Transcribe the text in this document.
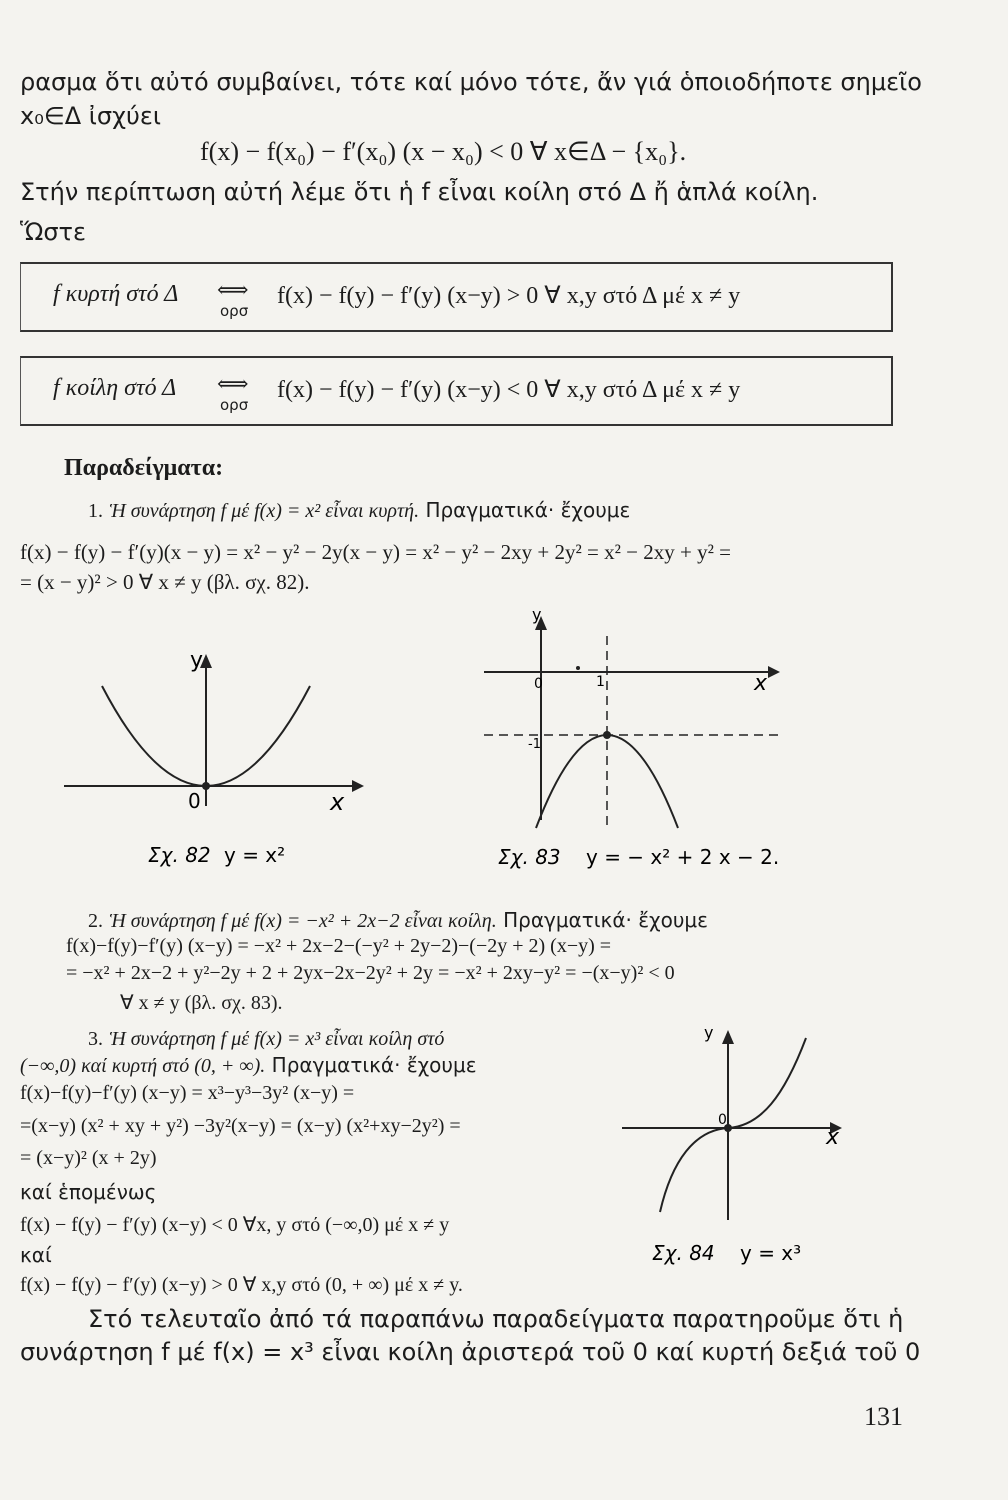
ρασμα ὅτι αὐτό συμβαίνει, τότε καί μόνο τότε, ἄν γιά ὁποιοδήποτε σημεῖο
x₀∈Δ ἰσχύει
f(x) − f(x₀) − f′(x₀) (x − x₀) < 0 ∀ x∈Δ − {x₀}.
Στήν περίπτωση αὐτή λέμε ὅτι ἡ f εἶναι κοίλη στό Δ ἤ ἁπλά κοίλη.
Ὥστε
f κυρτή στό Δ ⟺
ορσ
f(x) − f(y) − f′(y) (x−y) > 0 ∀ x,y στό Δ μέ x ≠ y
f κοίλη στό Δ ⟺
ορσ
f(x) − f(y) − f′(y) (x−y) < 0 ∀ x,y στό Δ μέ x ≠ y
Παραδείγματα:
1. Ἡ συνάρτηση f μέ f(x) = x² εἶναι κυρτή. Πραγματικά· ἔχουμε
f(x) − f(y) − f′(y)(x − y) = x² − y² − 2y(x − y) = x² − y² − 2xy + 2y² = x² − 2xy + y² =
= (x − y)² > 0 ∀ x ≠ y (βλ. σχ. 82).
y
x
0
Σχ. 82 y = x²
y
x
0	1
-1
Σχ. 83 y = − x² + 2 x − 2.
2. Ἡ συνάρτηση f μέ f(x) = −x² + 2x−2 εἶναι κοίλη. Πραγματικά· ἔχουμε
f(x)−f(y)−f′(y) (x−y) = −x² + 2x−2−(−y² + 2y−2)−(−2y + 2) (x−y) =
= −x² + 2x−2 + y²−2y + 2 + 2yx−2x−2y² + 2y = −x² + 2xy−y² = −(x−y)² < 0
∀ x ≠ y (βλ. σχ. 83).
3. Ἡ συνάρτηση f μέ f(x) = x³ εἶναι κοίλη στό
(−∞,0) καί κυρτή στό (0, + ∞). Πραγματικά· ἔχουμε
f(x)−f(y)−f′(y) (x−y) = x³−y³−3y² (x−y) =
=(x−y) (x² + xy + y²) −3y²(x−y) = (x−y) (x²+xy−2y²) =
= (x−y)² (x + 2y)
καί ἑπομένως
f(x) − f(y) − f′(y) (x−y) < 0 ∀x, y στό (−∞,0) μέ x ≠ y
καί
f(x) − f(y) − f′(y) (x−y) > 0 ∀ x,y στό (0, + ∞) μέ x ≠ y.
y
x
0
Σχ. 84 y = x³
Στό τελευταῖο ἀπό τά παραπάνω παραδείγματα παρατηροῦμε ὅτι ἡ
συνάρτηση f μέ f(x) = x³ εἶναι κοίλη ἀριστερά τοῦ 0 καί κυρτή δεξιά τοῦ 0
131
